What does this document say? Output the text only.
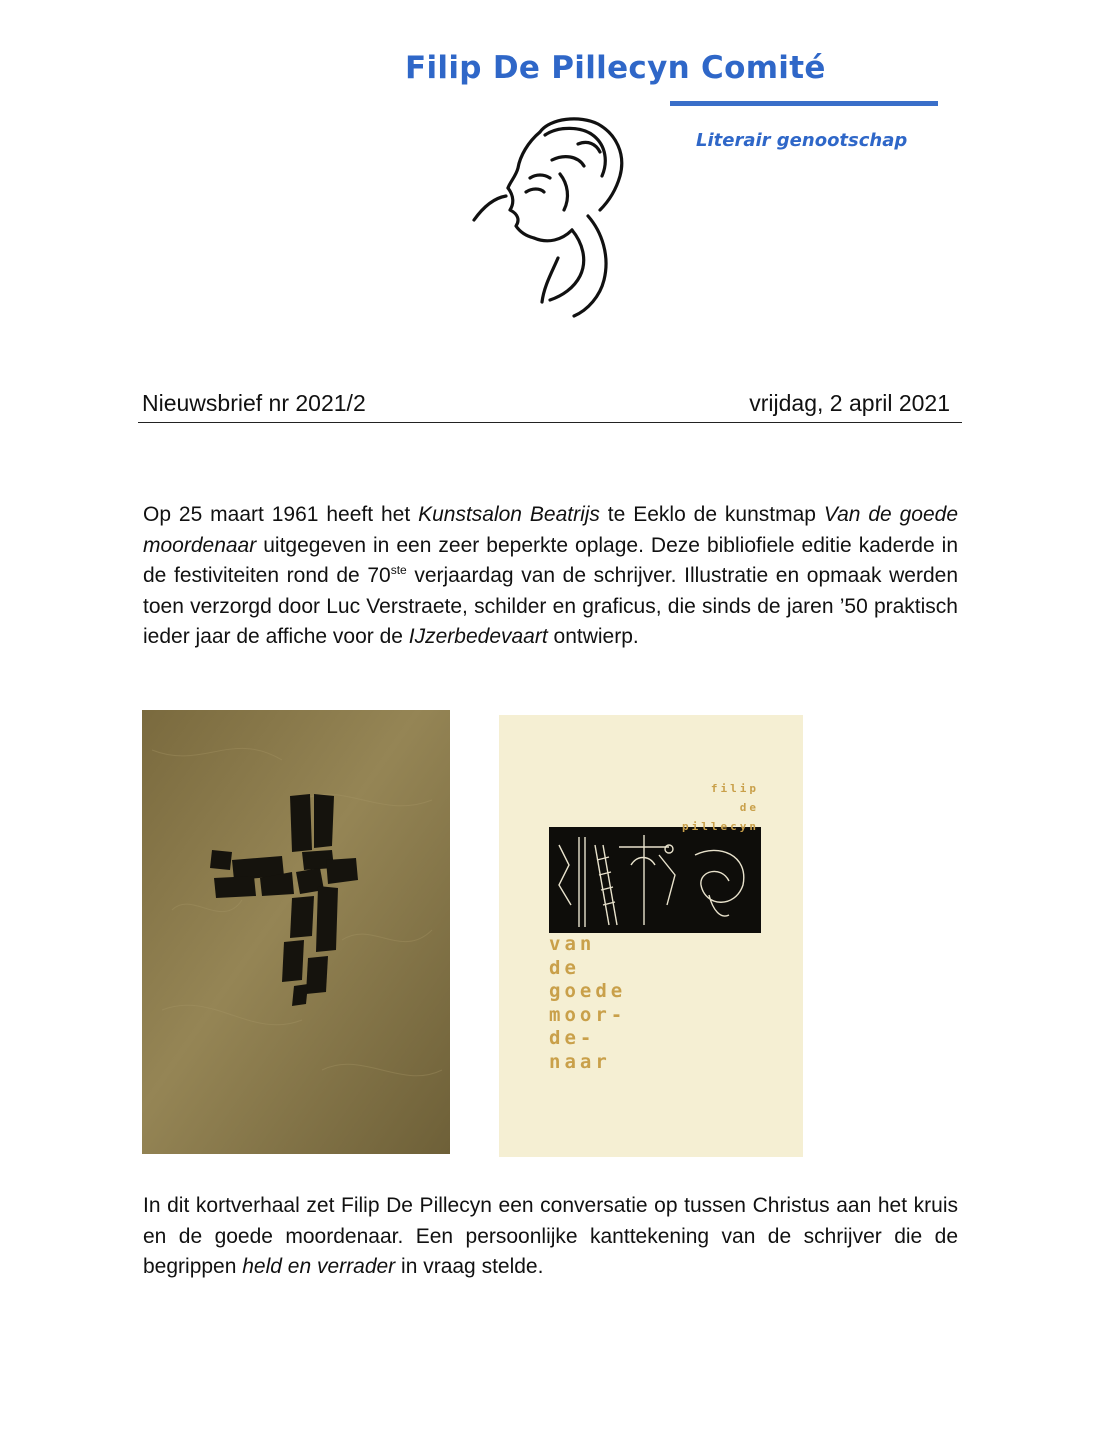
Filip De Pillecyn Comité
Literair genootschap
Nieuwsbrief nr 2021/2	vrijdag, 2 april 2021

Op 25 maart 1961 heeft het Kunstsalon Beatrijs te Eeklo de kunstmap Van de goede moordenaar uitgegeven in een zeer beperkte oplage. Deze bibliofiele editie kaderde in de festiviteiten rond de 70ste verjaardag van de schrijver. Illustratie en opmaak werden toen verzorgd door Luc Verstraete, schilder en graficus, die sinds de jaren ’50 praktisch ieder jaar de affiche voor de IJzerbedevaart ontwierp.

filip
de
pillecyn
van
de
goede
moor-
de-
naar

In dit kortverhaal zet Filip De Pillecyn een conversatie op tussen Christus aan het kruis en de goede moordenaar. Een persoonlijke kanttekening van de schrijver die de begrippen held en verrader in vraag stelde.
